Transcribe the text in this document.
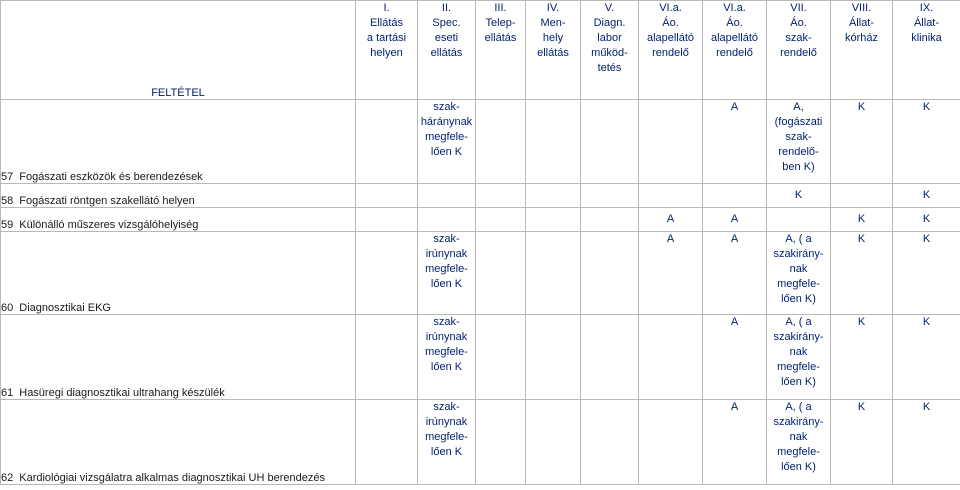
FELTÉTEL	I.
Ellátás
a tartási
helyen	II.
Spec.
eseti
ellátás	III.
Telep-
ellátás	IV.
Men-
hely
ellátás	V.
Diagn.
labor
működ-
tetés	VI.a.
Áo.
alapellátó
rendelő	VI.a.
Áo.
alapellátó
rendelő	VII.
Áo.
szak-
rendelő	VIII.
Állat-
kórház	IX.
Állat-
klinika
57 Fogászati eszközök és berendezések		szak-
háránynak
megfele-
lően K					A	A,
(fogászati
szak-
rendelő-
ben K)	K	K
58 Fogászati röntgen szakellátó helyen								K		K
59 Különálló műszeres vizsgálóhelyiség						A	A		K	K
60 Diagnosztikai EKG		szak-
irúnynak
megfele-
lően K				A	A	A, ( a
szakirány-
nak
megfele-
lően K)	K	K
61 Hasüregi diagnosztikai ultrahang készülék		szak-
irúnynak
megfele-
lően K					A	A, ( a
szakirány-
nak
megfele-
lően K)	K	K
62 Kardiológiai vizsgálatra alkalmas diagnosztikai UH berendezés		szak-
irúnynak
megfele-
lően K					A	A, ( a
szakirány-
nak
megfele-
lően K)	K	K
